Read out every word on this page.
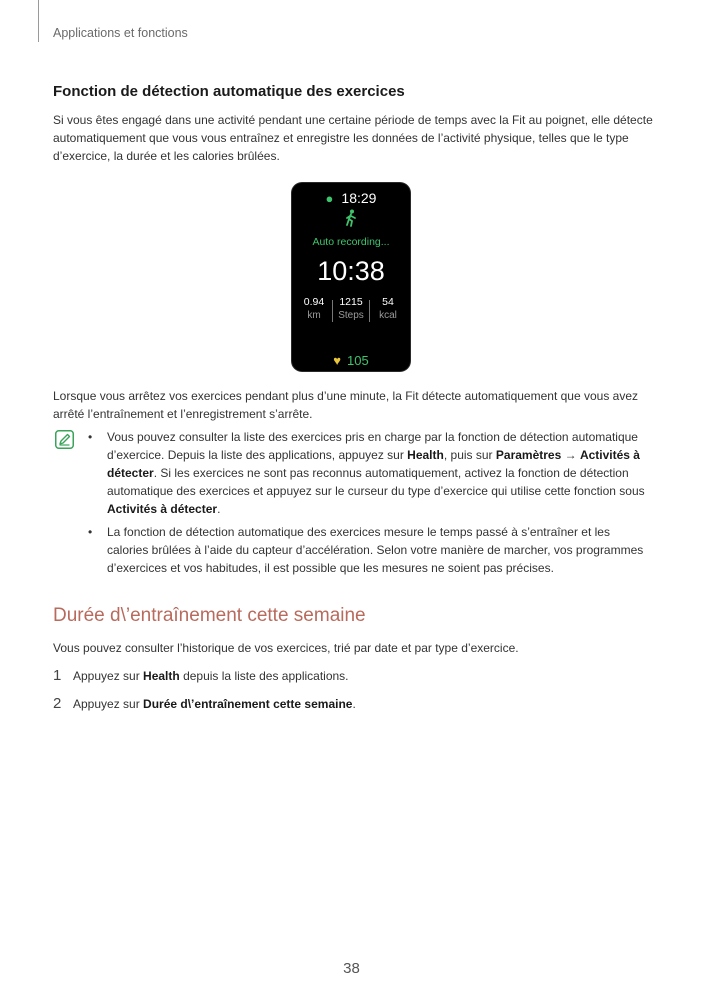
Applications et fonctions
Fonction de détection automatique des exercices
Si vous êtes engagé dans une activité pendant une certaine période de temps avec la Fit au poignet, elle détecte automatiquement que vous vous entraînez et enregistre les données de l’activité physique, telles que le type d’exercice, la durée et les calories brûlées.
● 18:29
Auto recording...
10:38
0.94
km
1215
Steps
54
kcal
♥ 105
Lorsque vous arrêtez vos exercices pendant plus d’une minute, la Fit détecte automatiquement que vous avez arrêté l’entraînement et l’enregistrement s’arrête.
• Vous pouvez consulter la liste des exercices pris en charge par la fonction de détection automatique d’exercice. Depuis la liste des applications, appuyez sur Health, puis sur Paramètres → Activités à détecter. Si les exercices ne sont pas reconnus automatiquement, activez la fonction de détection automatique des exercices et appuyez sur le curseur du type d’exercice qui utilise cette fonction sous Activités à détecter.
• La fonction de détection automatique des exercices mesure le temps passé à s’entraîner et les calories brûlées à l’aide du capteur d’accélération. Selon votre manière de marcher, vos programmes d’exercices et vos habitudes, il est possible que les mesures ne soient pas précises.
Durée d\’entraînement cette semaine
Vous pouvez consulter l’historique de vos exercices, trié par date et par type d’exercice.
1 Appuyez sur Health depuis la liste des applications.
2 Appuyez sur Durée d\’entraînement cette semaine.
38
